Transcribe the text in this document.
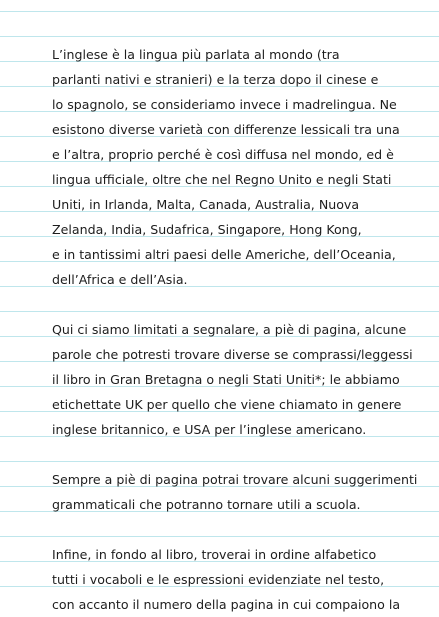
L’inglese è la lingua più parlata al mondo (tra
parlanti nativi e stranieri) e la terza dopo il cinese e
lo spagnolo, se consideriamo invece i madrelingua. Ne
esistono diverse varietà con differenze lessicali tra una
e l’altra, proprio perché è così diffusa nel mondo, ed è
lingua ufficiale, oltre che nel Regno Unito e negli Stati
Uniti, in Irlanda, Malta, Canada, Australia, Nuova
Zelanda, India, Sudafrica, Singapore, Hong Kong,
e in tantissimi altri paesi delle Americhe, dell’Oceania,
dell’Africa e dell’Asia.

Qui ci siamo limitati a segnalare, a piè di pagina, alcune
parole che potresti trovare diverse se comprassi/leggessi
il libro in Gran Bretagna o negli Stati Uniti*; le abbiamo
etichettate UK per quello che viene chiamato in genere
inglese britannico, e USA per l’inglese americano.

Sempre a piè di pagina potrai trovare alcuni suggerimenti
grammaticali che potranno tornare utili a scuola.

Infine, in fondo al libro, troverai in ordine alfabetico
tutti i vocaboli e le espressioni evidenziate nel testo,
con accanto il numero della pagina in cui compaiono la
